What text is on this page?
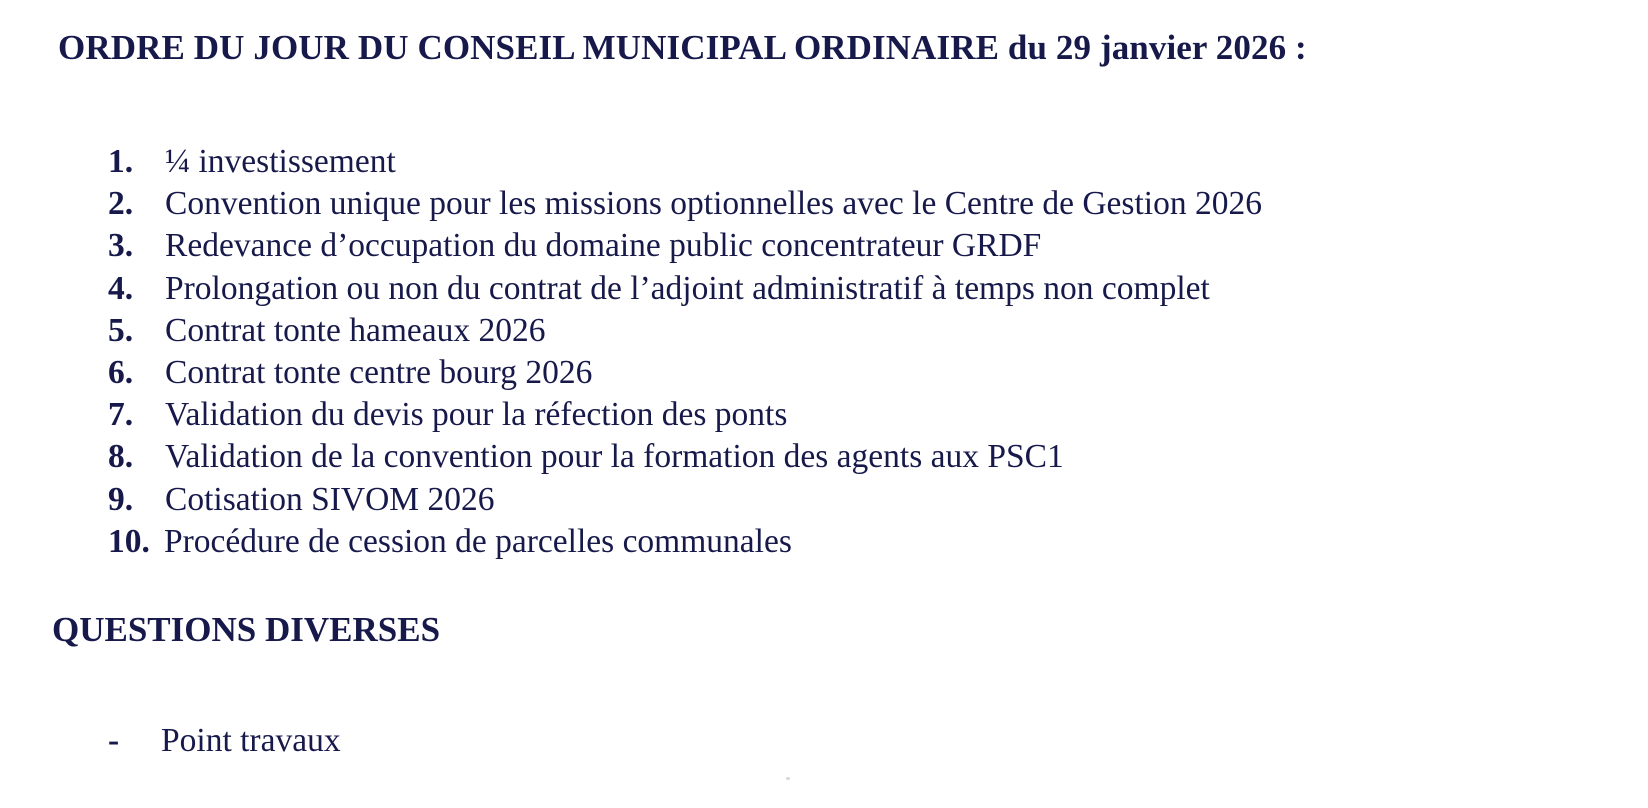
ORDRE DU JOUR DU CONSEIL MUNICIPAL ORDINAIRE du 29 janvier 2026 :
1. ¼ investissement
2. Convention unique pour les missions optionnelles avec le Centre de Gestion 2026
3. Redevance d’occupation du domaine public concentrateur GRDF
4. Prolongation ou non du contrat de l’adjoint administratif à temps non complet
5. Contrat tonte hameaux 2026
6. Contrat tonte centre bourg 2026
7. Validation du devis pour la réfection des ponts
8. Validation de la convention pour la formation des agents aux PSC1
9. Cotisation SIVOM 2026
10. Procédure de cession de parcelles communales
QUESTIONS DIVERSES
- Point travaux
